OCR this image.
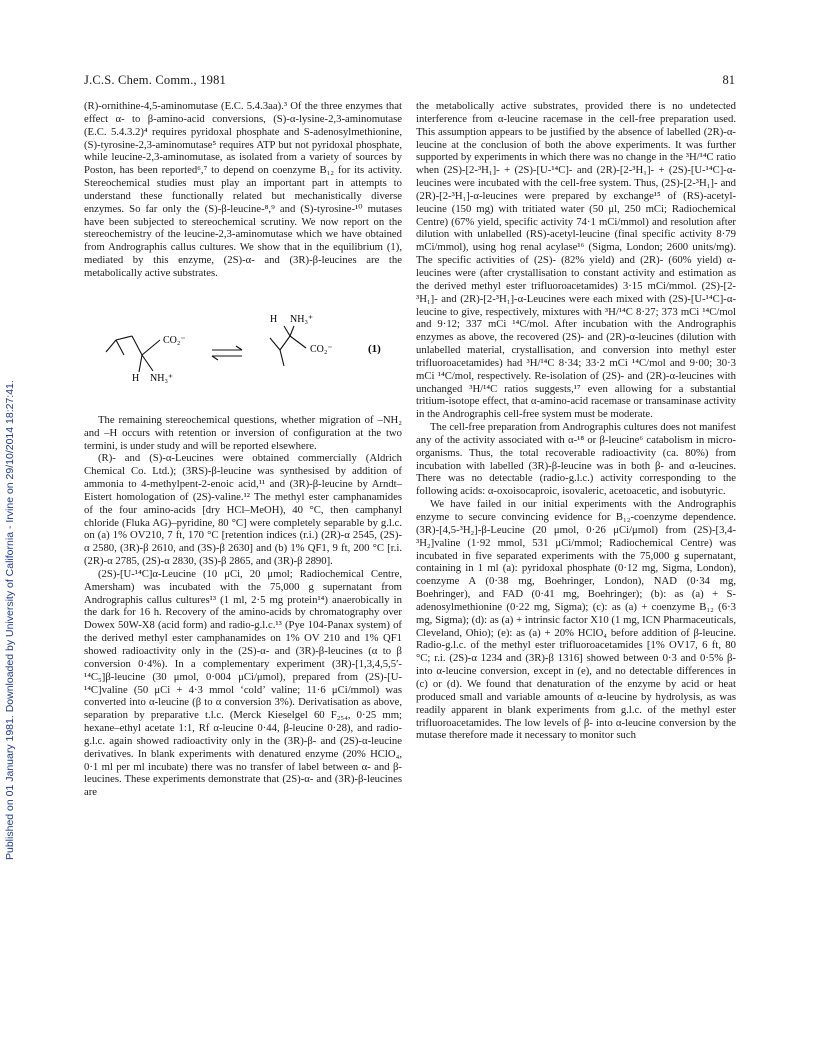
J.C.S. Chem. Comm., 1981	81
Published on 01 January 1981. Downloaded by University of California - Irvine on 29/10/2014 18:27:41.

(R)-ornithine-4,5-aminomutase (E.C. 5.4.3aa).³ Of the three enzymes that effect α- to β-amino-acid conversions, (S)-α-lysine-2,3-aminomutase (E.C. 5.4.3.2)⁴ requires pyridoxal phosphate and S-adenosylmethionine, (S)-tyrosine-2,3-aminomutase⁵ requires ATP but not pyridoxal phosphate, while leucine-2,3-aminomutase, as isolated from a variety of sources by Poston, has been reported⁶,⁷ to depend on coenzyme B₁₂ for its activity. Stereochemical studies must play an important part in attempts to understand these functionally related but mechanistically diverse enzymes. So far only the (S)-β-leucine-⁸,⁹ and (S)-tyrosine-¹⁰ mutases have been subjected to stereochemical scrutiny. We now report on the stereochemistry of the leucine-2,3-aminomutase which we have obtained from Andrographis callus cultures. We show that in the equilibrium (1), mediated by this enzyme, (2S)-α- and (3R)-β-leucines are the metabolically active substrates.

CO₂⁻
H NH₃⁺
H NH₃⁺
CO₂⁻	(1)

The remaining stereochemical questions, whether migration of –NH₂ and –H occurs with retention or inversion of configuration at the two termini, is under study and will be reported elsewhere.

(R)- and (S)-α-Leucines were obtained commercially (Aldrich Chemical Co. Ltd.); (3RS)-β-leucine was synthesised by addition of ammonia to 4-methylpent-2-enoic acid,¹¹ and (3R)-β-leucine by Arndt–Eistert homologation of (2S)-valine.¹² The methyl ester camphanamides of the four amino-acids [dry HCl–MeOH), 40 °C, then camphanyl chloride (Fluka AG)–pyridine, 80 °C] were completely separable by g.l.c. on (a) 1% OV210, 7 ft, 170 °C [retention indices (r.i.) (2R)-α 2545, (2S)-α 2580, (3R)-β 2610, and (3S)-β 2630] and (b) 1% QF1, 9 ft, 200 °C [r.i. (2R)-α 2785, (2S)-α 2830, (3S)-β 2865, and (3R)-β 2890].

(2S)-[U-¹⁴C]α-Leucine (10 μCi, 20 μmol; Radiochemical Centre, Amersham) was incubated with the 75,000 g supernatant from Andrographis callus cultures¹³ (1 ml, 2·5 mg protein¹⁴) anaerobically in the dark for 16 h. Recovery of the amino-acids by chromatography over Dowex 50W-X8 (acid form) and radio-g.l.c.¹³ (Pye 104-Panax system) of the derived methyl ester camphanamides on 1% OV 210 and 1% QF1 showed radioactivity only in the (2S)-α- and (3R)-β-leucines (α to β conversion 0·4%). In a complementary experiment (3R)-[1,3,4,5,5′-¹⁴C₅]β-leucine (30 μmol, 0·004 μCi/μmol), prepared from (2S)-[U-¹⁴C]valine (50 μCi + 4·3 mmol ‘cold’ valine; 11·6 μCi/mmol) was converted into α-leucine (β to α conversion 3%). Derivatisation as above, separation by preparative t.l.c. (Merck Kieselgel 60 F₂₅₄, 0·25 mm; hexane–ethyl acetate 1:1, Rf α-leucine 0·44, β-leucine 0·28), and radio-g.l.c. again showed radioactivity only in the (3R)-β- and (2S)-α-leucine derivatives. In blank experiments with denatured enzyme (20% HClO₄, 0·1 ml per ml incubate) there was no transfer of label between α- and β-leucines. These experiments demonstrate that (2S)-α- and (3R)-β-leucines are

the metabolically active substrates, provided there is no undetected interference from α-leucine racemase in the cell-free preparation used. This assumption appears to be justified by the absence of labelled (2R)-α-leucine at the conclusion of both the above experiments. It was further supported by experiments in which there was no change in the ³H/¹⁴C ratio when (2S)-[2-³H₁]- + (2S)-[U-¹⁴C]- and (2R)-[2-³H₁]- + (2S)-[U-¹⁴C]-α-leucines were incubated with the cell-free system. Thus, (2S)-[2-³H₁]- and (2R)-[2-³H₁]-α-leucines were prepared by exchange¹⁵ of (RS)-acetyl-leucine (150 mg) with tritiated water (50 μl, 250 mCi; Radiochemical Centre) (67% yield, specific activity 74·1 mCi/mmol) and resolution after dilution with unlabelled (RS)-acetyl-leucine (final specific activity 8·79 mCi/mmol), using hog renal acylase¹⁶ (Sigma, London; 2600 units/mg). The specific activities of (2S)- (82% yield) and (2R)- (60% yield) α-leucines were (after crystallisation to constant activity and estimation as the derived methyl ester trifluoroacetamides) 3·15 mCi/mmol. (2S)-[2-³H₁]- and (2R)-[2-³H₁]-α-Leucines were each mixed with (2S)-[U-¹⁴C]-α-leucine to give, respectively, mixtures with ³H/¹⁴C 8·27; 373 mCi ¹⁴C/mol and 9·12; 337 mCi ¹⁴C/mol. After incubation with the Andrographis enzymes as above, the recovered (2S)- and (2R)-α-leucines (dilution with unlabelled material, crystallisation, and conversion into methyl ester trifluoroacetamides) had ³H/¹⁴C 8·34; 33·2 mCi ¹⁴C/mol and 9·00; 30·3 mCi ¹⁴C/mol, respectively. Re-isolation of (2S)- and (2R)-α-leucines with unchanged ³H/¹⁴C ratios suggests,¹⁷ even allowing for a substantial tritium-isotope effect, that α-amino-acid racemase or transaminase activity in the Andrographis cell-free system must be moderate.

The cell-free preparation from Andrographis cultures does not manifest any of the activity associated with α-¹⁸ or β-leucine⁶ catabolism in micro-organisms. Thus, the total recoverable radioactivity (ca. 80%) from incubation with labelled (3R)-β-leucine was in both β- and α-leucines. There was no detectable (radio-g.l.c.) activity corresponding to the following acids: α-oxoisocaproic, isovaleric, acetoacetic, and isobutyric.

We have failed in our initial experiments with the Andrographis enzyme to secure convincing evidence for B₁₂-coenzyme dependence. (3R)-[4,5-³H₂]-β-Leucine (20 μmol, 0·26 μCi/μmol) from (2S)-[3,4-³H₂]valine (1·92 mmol, 531 μCi/mmol; Radiochemical Centre) was incubated in five separated experiments with the 75,000 g supernatant, containing in 1 ml (a): pyridoxal phosphate (0·12 mg, Sigma, London), coenzyme A (0·38 mg, Boehringer, London), NAD (0·34 mg, Boehringer), and FAD (0·41 mg, Boehringer); (b): as (a) + S-adenosylmethionine (0·22 mg, Sigma); (c): as (a) + coenzyme B₁₂ (6·3 mg, Sigma); (d): as (a) + intrinsic factor X10 (1 mg, ICN Pharmaceuticals, Cleveland, Ohio); (e): as (a) + 20% HClO₄ before addition of β-leucine. Radio-g.l.c. of the methyl ester trifluoroacetamides [1% OV17, 6 ft, 80 °C; r.i. (2S)-α 1234 and (3R)-β 1316] showed between 0·3 and 0·5% β- into α-leucine conversion, except in (e), and no detectable differences in (c) or (d). We found that denaturation of the enzyme by acid or heat produced small and variable amounts of α-leucine by hydrolysis, as was readily apparent in blank experiments from g.l.c. of the methyl ester trifluoroacetamides. The low levels of β- into α-leucine conversion by the mutase therefore made it necessary to monitor such
